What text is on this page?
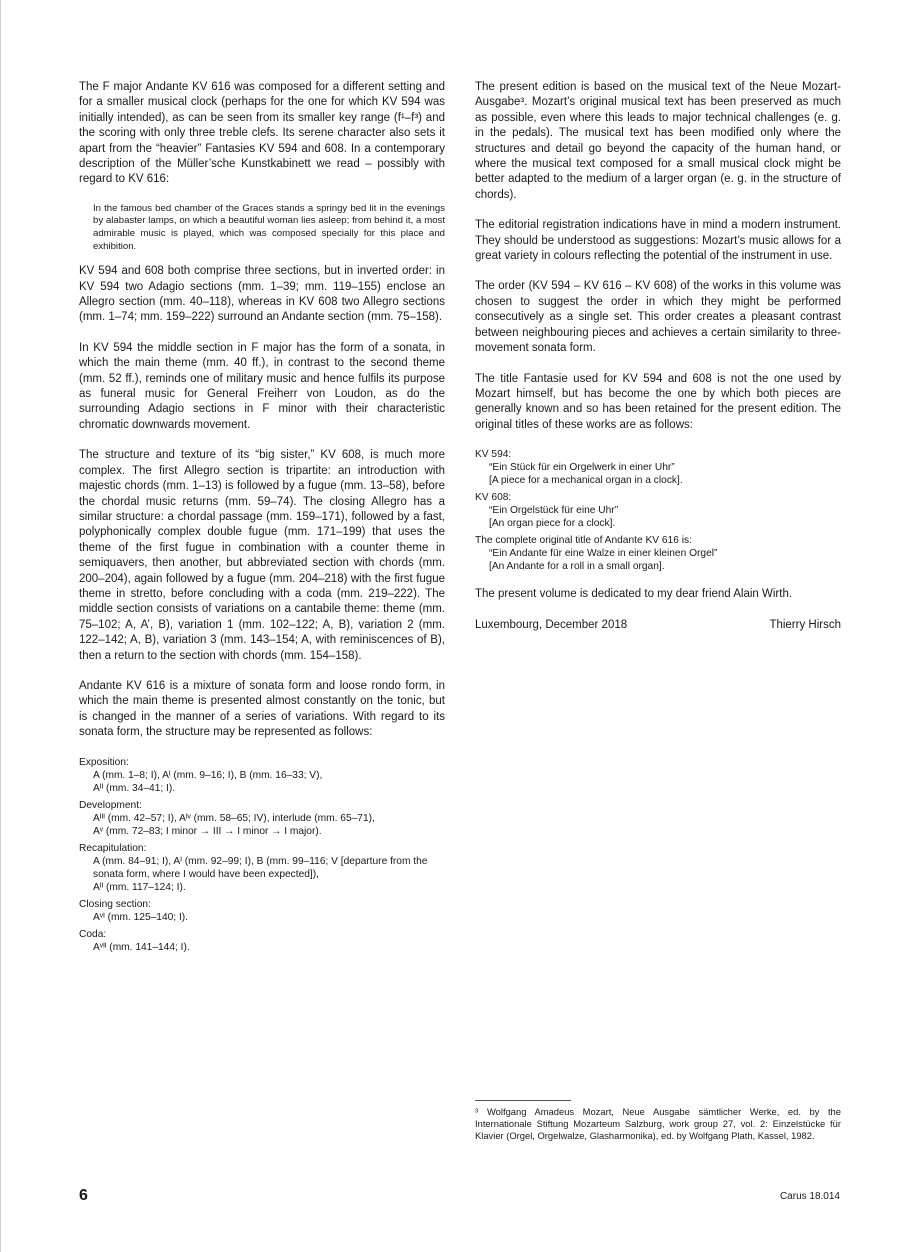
The F major Andante KV 616 was composed for a different setting and for a smaller musical clock (perhaps for the one for which KV 594 was initially intended), as can be seen from its smaller key range (f¹–f³) and the scoring with only three treble clefs. Its serene character also sets it apart from the “heavier” Fantasies KV 594 and 608. In a contemporary description of the Müller’sche Kunstkabinett we read – possibly with regard to KV 616:

In the famous bed chamber of the Graces stands a springy bed lit in the evenings by alabaster lamps, on which a beautiful woman lies asleep; from behind it, a most admirable music is played, which was composed specially for this place and exhibition.

KV 594 and 608 both comprise three sections, but in inverted order: in KV 594 two Adagio sections (mm. 1–39; mm. 119–155) enclose an Allegro section (mm. 40–118), whereas in KV 608 two Allegro sections (mm. 1–74; mm. 159–222) surround an Andante section (mm. 75–158).

In KV 594 the middle section in F major has the form of a sonata, in which the main theme (mm. 40 ff.), in contrast to the second theme (mm. 52 ff.), reminds one of military music and hence fulfils its purpose as funeral music for General Freiherr von Loudon, as do the surrounding Adagio sections in F minor with their characteristic chromatic downwards movement.

The structure and texture of its “big sister,” KV 608, is much more complex. The first Allegro section is tripartite: an introduction with majestic chords (mm. 1–13) is followed by a fugue (mm. 13–58), before the chordal music returns (mm. 59–74). The closing Allegro has a similar structure: a chordal passage (mm. 159–171), followed by a fast, polyphonically complex double fugue (mm. 171–199) that uses the theme of the first fugue in combination with a counter theme in semiquavers, then another, but abbreviated section with chords (mm. 200–204), again followed by a fugue (mm. 204–218) with the first fugue theme in stretto, before concluding with a coda (mm. 219–222). The middle section consists of variations on a cantabile theme: theme (mm. 75–102; A, A’, B), variation 1 (mm. 102–122; A, B), variation 2 (mm. 122–142; A, B), variation 3 (mm. 143–154; A, with reminiscences of B), then a return to the section with chords (mm. 154–158).

Andante KV 616 is a mixture of sonata form and loose rondo form, in which the main theme is presented almost constantly on the tonic, but is changed in the manner of a series of variations. With regard to its sonata form, the structure may be represented as follows:

Exposition:
A (mm. 1–8; I), Aᴵ (mm. 9–16; I), B (mm. 16–33; V),
Aᴵᴵ (mm. 34–41; I).
Development:
Aᴵᴵᴵ (mm. 42–57; I), Aᴵᵛ (mm. 58–65; IV), interlude (mm. 65–71),
Aᵛ (mm. 72–83; I minor → III → I minor → I major).
Recapitulation:
A (mm. 84–91; I), Aᴵ (mm. 92–99; I), B (mm. 99–116; V [departure from the sonata form, where I would have been expected]),
Aᴵᴵ (mm. 117–124; I).
Closing section:
Aᵛᴵ (mm. 125–140; I).
Coda:
Aᵛᴵᴵ (mm. 141–144; I).

The present edition is based on the musical text of the Neue Mozart-Ausgabe³. Mozart’s original musical text has been preserved as much as possible, even where this leads to major technical challenges (e. g. in the pedals). The musical text has been modified only where the structures and detail go beyond the capacity of the human hand, or where the musical text composed for a small musical clock might be better adapted to the medium of a larger organ (e. g. in the structure of chords).

The editorial registration indications have in mind a modern instrument. They should be understood as suggestions: Mozart’s music allows for a great variety in colours reflecting the potential of the instrument in use.

The order (KV 594 – KV 616 – KV 608) of the works in this volume was chosen to suggest the order in which they might be performed consecutively as a single set. This order creates a pleasant contrast between neighbouring pieces and achieves a certain similarity to three-movement sonata form.

The title Fantasie used for KV 594 and 608 is not the one used by Mozart himself, but has become the one by which both pieces are generally known and so has been retained for the present edition. The original titles of these works are as follows:

KV 594:
“Ein Stück für ein Orgelwerk in einer Uhr”
[A piece for a mechanical organ in a clock].
KV 608:
“Ein Orgelstück für eine Uhr”
[An organ piece for a clock].
The complete original title of Andante KV 616 is:
“Ein Andante für eine Walze in einer kleinen Orgel”
[An Andante for a roll in a small organ].

The present volume is dedicated to my dear friend Alain Wirth.

Luxembourg, December 2018	Thierry Hirsch
³ Wolfgang Amadeus Mozart, Neue Ausgabe sämtlicher Werke, ed. by the Internationale Stiftung Mozarteum Salzburg, work group 27, vol. 2: Einzelstücke für Klavier (Orgel, Orgelwalze, Glasharmonika), ed. by Wolfgang Plath, Kassel, 1982.
6	Carus 18.014
